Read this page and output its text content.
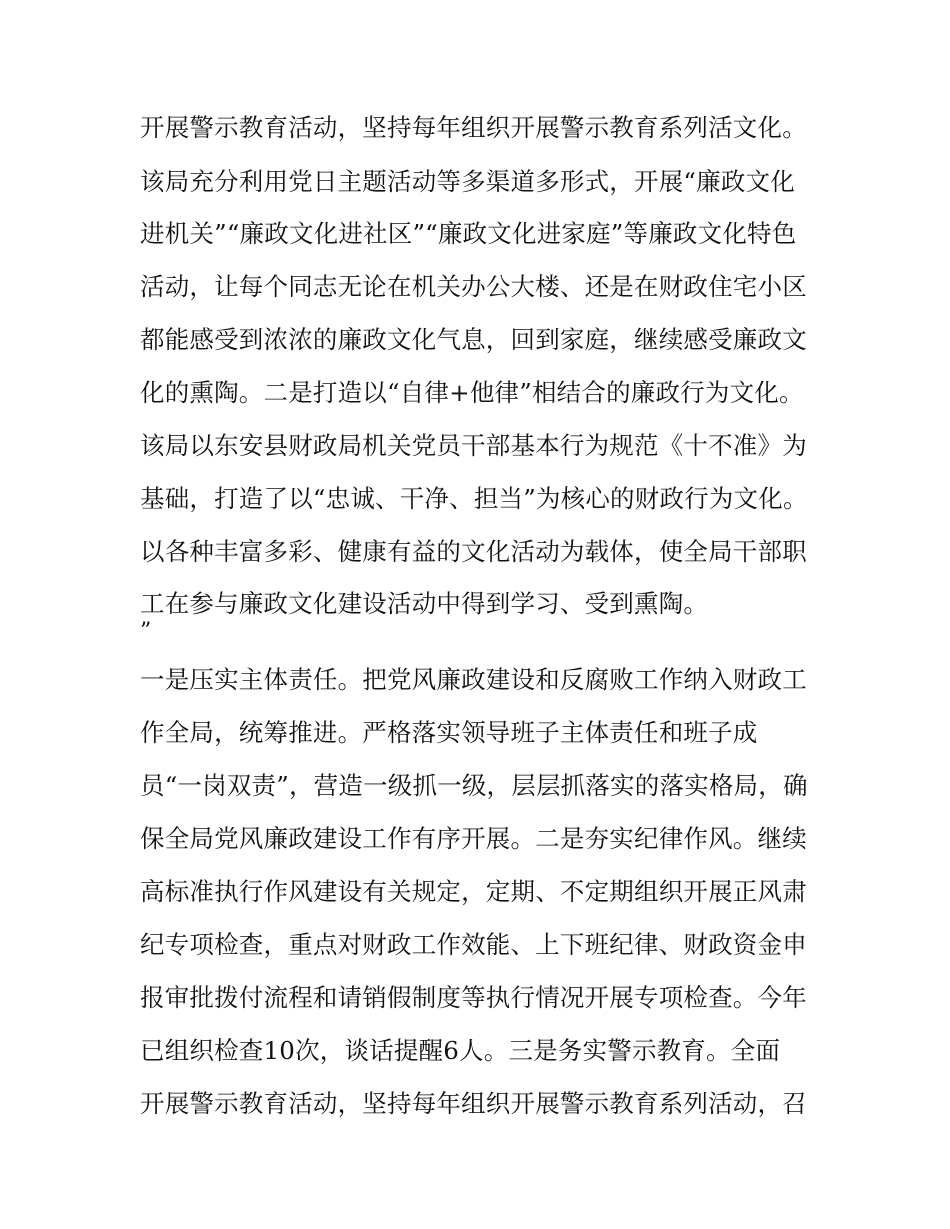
开展警示教育活动，坚持每年组织开展警示教育系列活文化。
该局充分利用党日主题活动等多渠道多形式，开展“廉政文化
进机关”“廉政文化进社区”“廉政文化进家庭”等廉政文化特色
活动，让每个同志无论在机关办公大楼、还是在财政住宅小区
都能感受到浓浓的廉政文化气息，回到家庭，继续感受廉政文
化的熏陶。二是打造以“自律+他律”相结合的廉政行为文化。
该局以东安县财政局机关党员干部基本行为规范《十不准》为
基础，打造了以“忠诚、干净、担当”为核心的财政行为文化。
以各种丰富多彩、健康有益的文化活动为载体，使全局干部职
工在参与廉政文化建设活动中得到学习、受到熏陶。
”
一是压实主体责任。把党风廉政建设和反腐败工作纳入财政工
作全局，统筹推进。严格落实领导班子主体责任和班子成
员“一岗双责”，营造一级抓一级，层层抓落实的落实格局，确
保全局党风廉政建设工作有序开展。二是夯实纪律作风。继续
高标准执行作风建设有关规定，定期、不定期组织开展正风肃
纪专项检查，重点对财政工作效能、上下班纪律、财政资金申
报审批拨付流程和请销假制度等执行情况开展专项检查。今年
已组织检查10次，谈话提醒6人。三是务实警示教育。全面
开展警示教育活动，坚持每年组织开展警示教育系列活动，召
